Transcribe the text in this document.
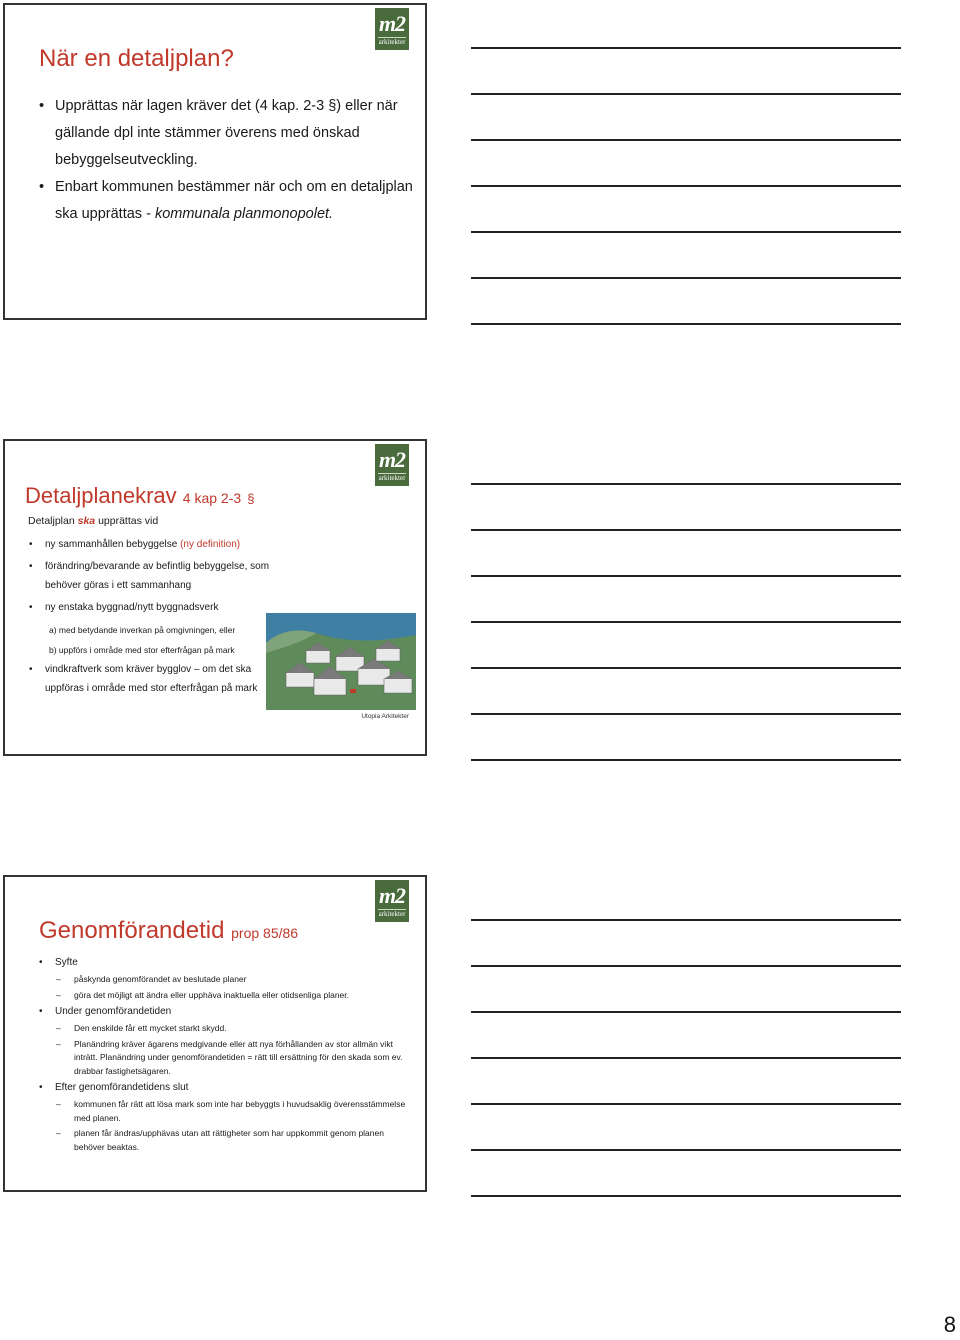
m2
arkitekter
När en detaljplan?
• Upprättas när lagen kräver det (4 kap. 2-3 §) eller när gällande dpl inte stämmer överens med önskad bebyggelseutveckling.
• Enbart kommunen bestämmer när och om en detaljplan ska upprättas - kommunala planmonopolet.
m2
arkitekter
Detaljplanekrav 4 kap 2-3 §
Detaljplan ska upprättas vid
• ny sammanhållen bebyggelse (ny definition)
• förändring/bevarande av befintlig bebyggelse, som behöver göras i ett sammanhang
• ny enstaka byggnad/nytt byggnadsverk
a) med betydande inverkan på omgivningen, eller
b) uppförs i område med stor efterfrågan på mark
• vindkraftverk som kräver bygglov – om det ska uppföras i område med stor efterfrågan på mark
Utopia Arkitekter
m2
arkitekter
Genomförandetid prop 85/86
• Syfte
– påskynda genomförandet av beslutade planer
– göra det möjligt att ändra eller upphäva inaktuella eller otidsenliga planer.
• Under genomförandetiden
– Den enskilde får ett mycket starkt skydd.
– Planändring kräver ägarens medgivande eller att nya förhållanden av stor allmän vikt inträtt. Planändring under genomförandetiden = rätt till ersättning för den skada som ev. drabbar fastighetsägaren.
• Efter genomförandetidens slut
– kommunen får rätt att lösa mark som inte har bebyggts i huvudsaklig överensstämmelse med planen.
– planen får ändras/upphävas utan att rättigheter som har uppkommit genom planen behöver beaktas.
8
